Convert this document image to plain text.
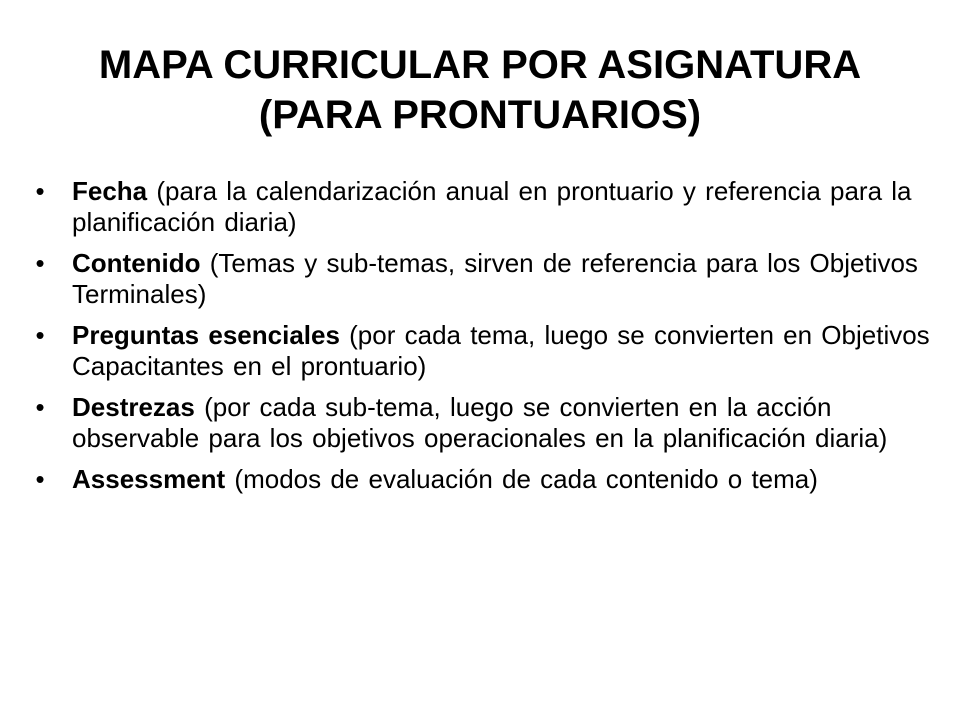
MAPA CURRICULAR POR ASIGNATURA
(PARA PRONTUARIOS)
• Fecha (para la calendarización anual en prontuario y referencia para la planificación diaria)
• Contenido (Temas y sub-temas, sirven de referencia para los Objetivos Terminales)
• Preguntas esenciales (por cada tema, luego se convierten en Objetivos Capacitantes en el prontuario)
• Destrezas (por cada sub-tema, luego se convierten en la acción observable para los objetivos operacionales en la planificación diaria)
• Assessment (modos de evaluación de cada contenido o tema)
